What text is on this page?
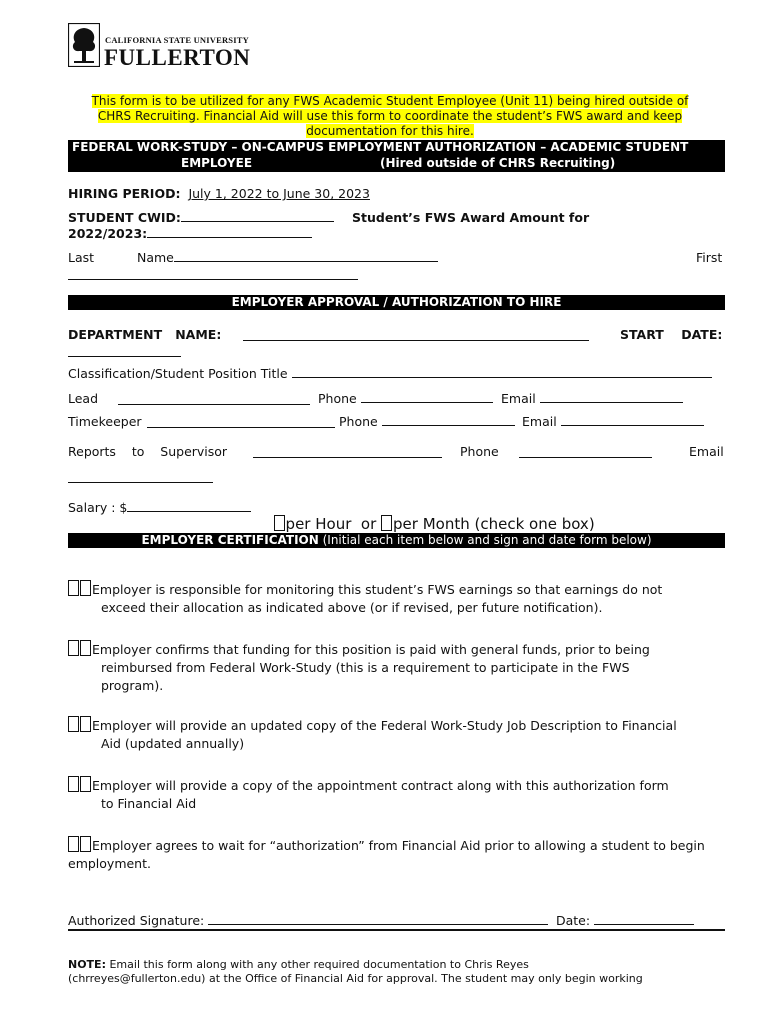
CALIFORNIA STATE UNIVERSITY
FULLERTON
This form is to be utilized for any FWS Academic Student Employee (Unit 11) being hired outside of
CHRS Recruiting. Financial Aid will use this form to coordinate the student’s FWS award and keep
documentation for this hire.
FEDERAL WORK-STUDY – ON-CAMPUS EMPLOYMENT AUTHORIZATION – ACADEMIC STUDENT
EMPLOYEE	(Hired outside of CHRS Recruiting)
HIRING PERIOD: July 1, 2022 to June 30, 2023
STUDENT CWID:	Student’s FWS Award Amount for
2022/2023:
Last	Name	First
EMPLOYER APPROVAL / AUTHORIZATION TO HIRE
DEPARTMENT   NAME:	START    DATE:
Classification/Student Position Title
Lead	Phone	Email
Timekeeper	Phone	Email
Reports    to    Supervisor	Phone	Email
Salary : $

per Hour  or per Month (check one box)

EMPLOYER CERTIFICATION (Initial each item below and sign and date form below)
Employer is responsible for monitoring this student’s FWS earnings so that earnings do not
exceed their allocation as indicated above (or if revised, per future notification).
Employer confirms that funding for this position is paid with general funds, prior to being
reimbursed from Federal Work-Study (this is a requirement to participate in the FWS
program).
Employer will provide an updated copy of the Federal Work-Study Job Description to Financial
Aid (updated annually)
Employer will provide a copy of the appointment contract along with this authorization form
to Financial Aid
Employer agrees to wait for “authorization” from Financial Aid prior to allowing a student to begin
employment.
Authorized Signature:	Date:
NOTE: Email this form along with any other required documentation to Chris Reyes
(chrreyes@fullerton.edu) at the Office of Financial Aid for approval. The student may only begin working
